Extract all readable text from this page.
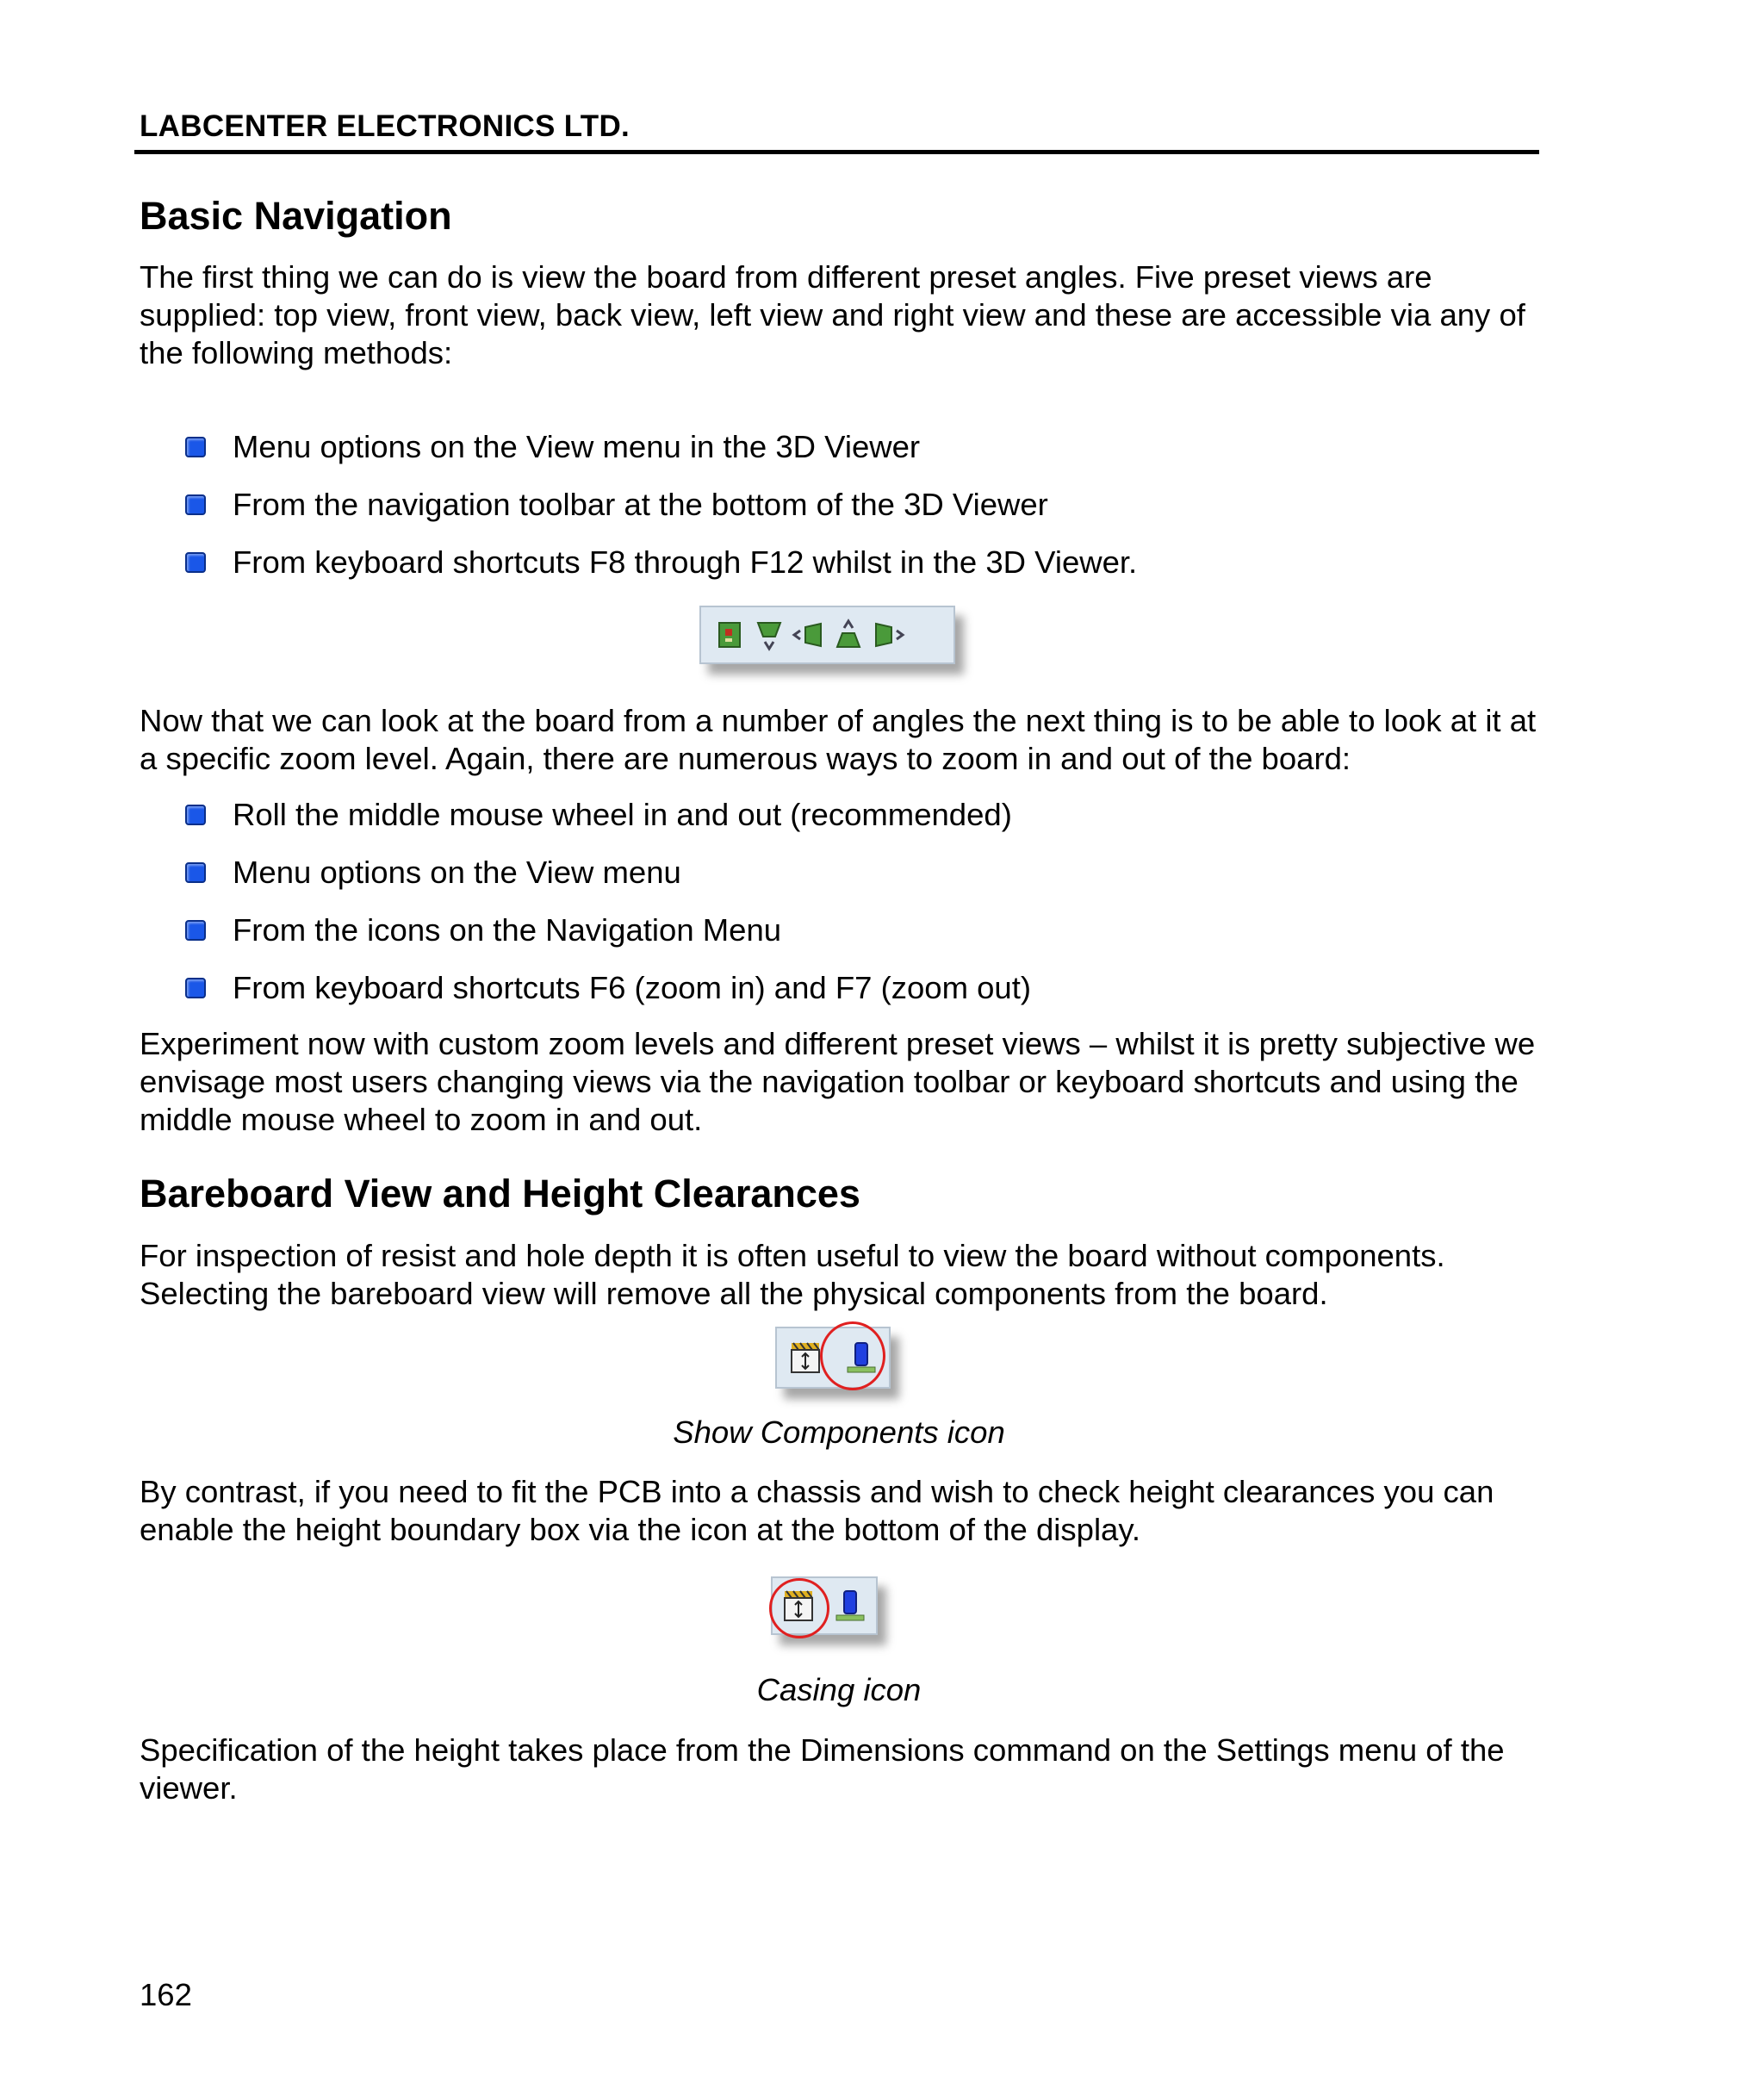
LABCENTER ELECTRONICS LTD.
Basic Navigation

The first thing we can do is view the board from different preset angles. Five preset views are supplied: top view, front view, back view, left view and right view and these are accessible via any of the following methods:

Menu options on the View menu in the 3D Viewer
From the navigation toolbar at the bottom of the 3D Viewer
From keyboard shortcuts F8 through F12 whilst in the 3D Viewer.

Now that we can look at the board from a number of angles the next thing is to be able to look at it at a specific zoom level. Again, there are numerous ways to zoom in and out of the board:

Roll the middle mouse wheel in and out (recommended)
Menu options on the View menu
From the icons on the Navigation Menu
From keyboard shortcuts F6 (zoom in) and F7 (zoom out)

Experiment now with custom zoom levels and different preset views – whilst it is pretty subjective we envisage most users changing views via the navigation toolbar or keyboard shortcuts and using the middle mouse wheel to zoom in and out.

Bareboard View and Height Clearances

For inspection of resist and hole depth it is often useful to view the board without components. Selecting the bareboard view will remove all the physical components from the board.

Show Components icon

By contrast, if you need to fit the PCB into a chassis and wish to check height clearances you can enable the height boundary box via the icon at the bottom of the display.

Casing icon

Specification of the height takes place from the Dimensions command on the Settings menu of the viewer.

162
